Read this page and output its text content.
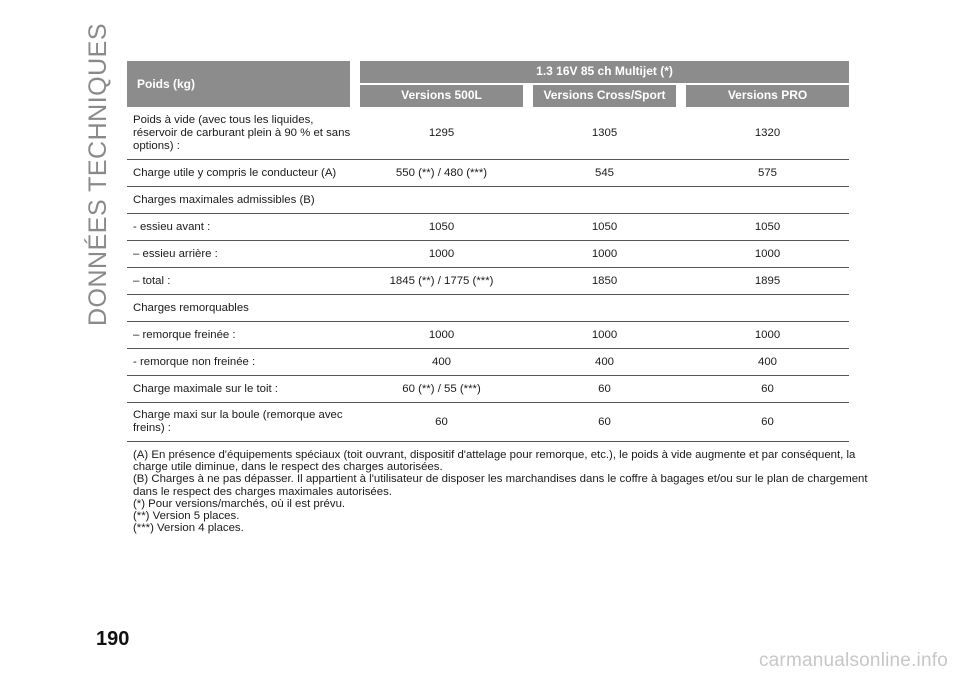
DONNÉES TECHNIQUES Poids (kg)	1.3 16V 85 ch Multijet (*)		
	Versions 500L	Versions Cross/Sport	Versions PRO
Poids à vide (avec tous les liquides, réservoir de carburant plein à 90 % et sans options) :	1295	1305	1320
Charge utile y compris le conducteur (A)	550 (**) / 480 (***)	545	575
Charges maximales admissibles (B)			
- essieu avant :	1050	1050	1050
– essieu arrière :	1000	1000	1000
– total :	1845 (**) / 1775 (***)	1850	1895
Charges remorquables			
– remorque freinée :	1000	1000	1000
- remorque non freinée :	400	400	400
Charge maximale sur le toit :	60 (**) / 55 (***)	60	60
Charge maxi sur la boule (remorque avec freins) :	60	60	60

(A) En présence d'équipements spéciaux (toit ouvrant, dispositif d'attelage pour remorque, etc.), le poids à vide augmente et par conséquent, la charge utile diminue, dans le respect des charges autorisées.

(B) Charges à ne pas dépasser. Il appartient à l'utilisateur de disposer les marchandises dans le coffre à bagages et/ou sur le plan de chargement dans le respect des charges maximales autorisées.

(*) Pour versions/marchés, où il est prévu.

(**) Version 5 places.

(***) Version 4 places.

190
carmanualsonline.info
